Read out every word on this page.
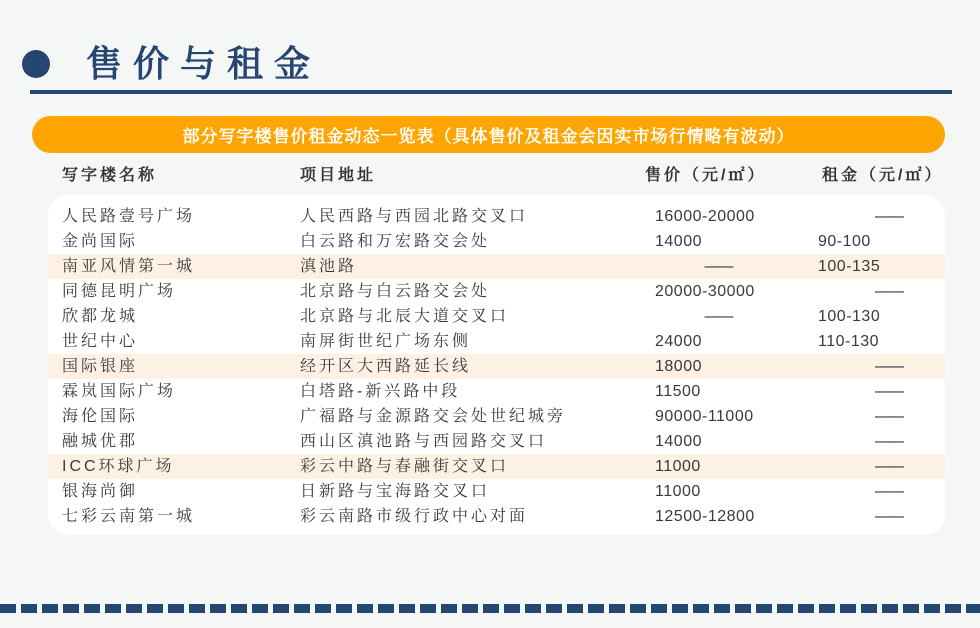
售价与租金
部分写字楼售价租金动态一览表（具体售价及租金会因实市场行情略有波动）
写字楼名称	项目地址	售价（元/㎡）	租金（元/㎡）
人民路壹号广场	人民西路与西园北路交叉口	16000-20000	——
金尚国际	白云路和万宏路交会处	14000	90-100
南亚风情第一城	滇池路	——	100-135
同德昆明广场	北京路与白云路交会处	20000-30000	——
欣都龙城	北京路与北辰大道交叉口	——	100-130
世纪中心	南屏街世纪广场东侧	24000	110-130
国际银座	经开区大西路延长线	18000	——
霖岚国际广场	白塔路-新兴路中段	11500	——
海伦国际	广福路与金源路交会处世纪城旁	90000-11000	——
融城优郡	西山区滇池路与西园路交叉口	14000	——
ICC环球广场	彩云中路与春融街交叉口	11000	——
银海尚御	日新路与宝海路交叉口	11000	——
七彩云南第一城	彩云南路市级行政中心对面	12500-12800	——
